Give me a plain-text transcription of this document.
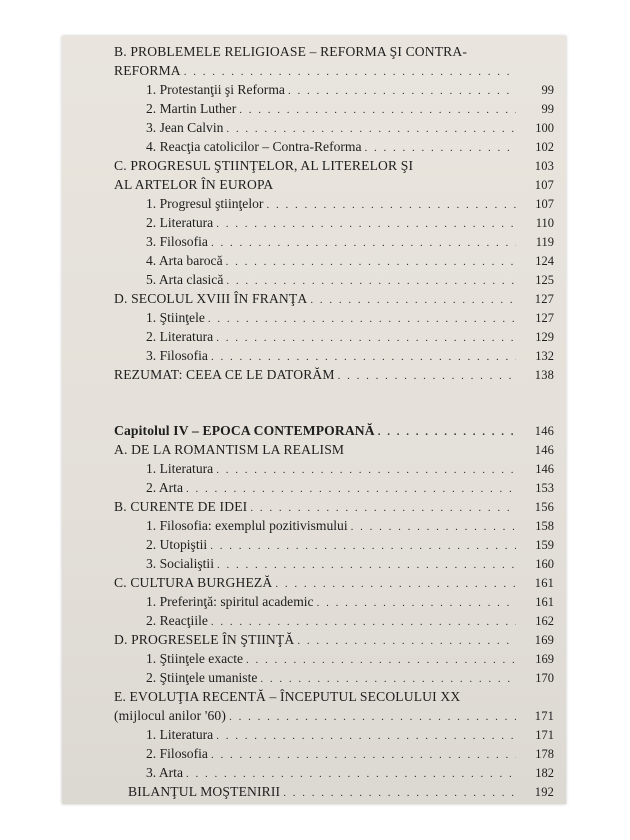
B. PROBLEMELE RELIGIOASE – REFORMA ŞI CONTRA-
REFORMA
. . .
1. Protestanţii şi Reforma . . .	99
2. Martin Luther . . .	99
3. Jean Calvin . . .	100
4. Reacţia catolicilor – Contra-Reforma . . .	102
C. PROGRESUL ŞTIINŢELOR, AL LITERELOR ŞI	103
AL ARTELOR ÎN EUROPA	107
1. Progresul ştiinţelor . . .	107
2. Literatura . . .	110
3. Filosofia . . .	119
4. Arta barocă . . .	124
5. Arta clasică . . .	125
D. SECOLUL XVIII ÎN FRANŢA . . .	127
1. Ştiinţele . . .	127
2. Literatura . . .	129
3. Filosofia . . .	132
REZUMAT: CEEA CE LE DATORĂM . . .	138
Capitolul IV – EPOCA CONTEMPORANĂ . . .	146
A. DE LA ROMANTISM LA REALISM	146
1. Literatura . . .	146
2. Arta . . .	153
B. CURENTE DE IDEI . . .	156
1. Filosofia: exemplul pozitivismului . . .	158
2. Utopiştii . . .	159
3. Socialiştii . . .	160
C. CULTURA BURGHEZĂ . . .	161
1. Preferinţă: spiritul academic . . .	161
2. Reacţiile . . .	162
D. PROGRESELE ÎN ŞTIINŢĂ . . .	169
1. Ştiinţele exacte . . .	169
2. Ştiinţele umaniste . . .	170
E. EVOLUŢIA RECENTĂ – ÎNCEPUTUL SECOLULUI XX
(mijlocul anilor '60) . . .	171
1. Literatura . . .	171
2. Filosofia . . .	178
3. Arta . . .	182
BILANŢUL MOŞTENIRII . . .	192
